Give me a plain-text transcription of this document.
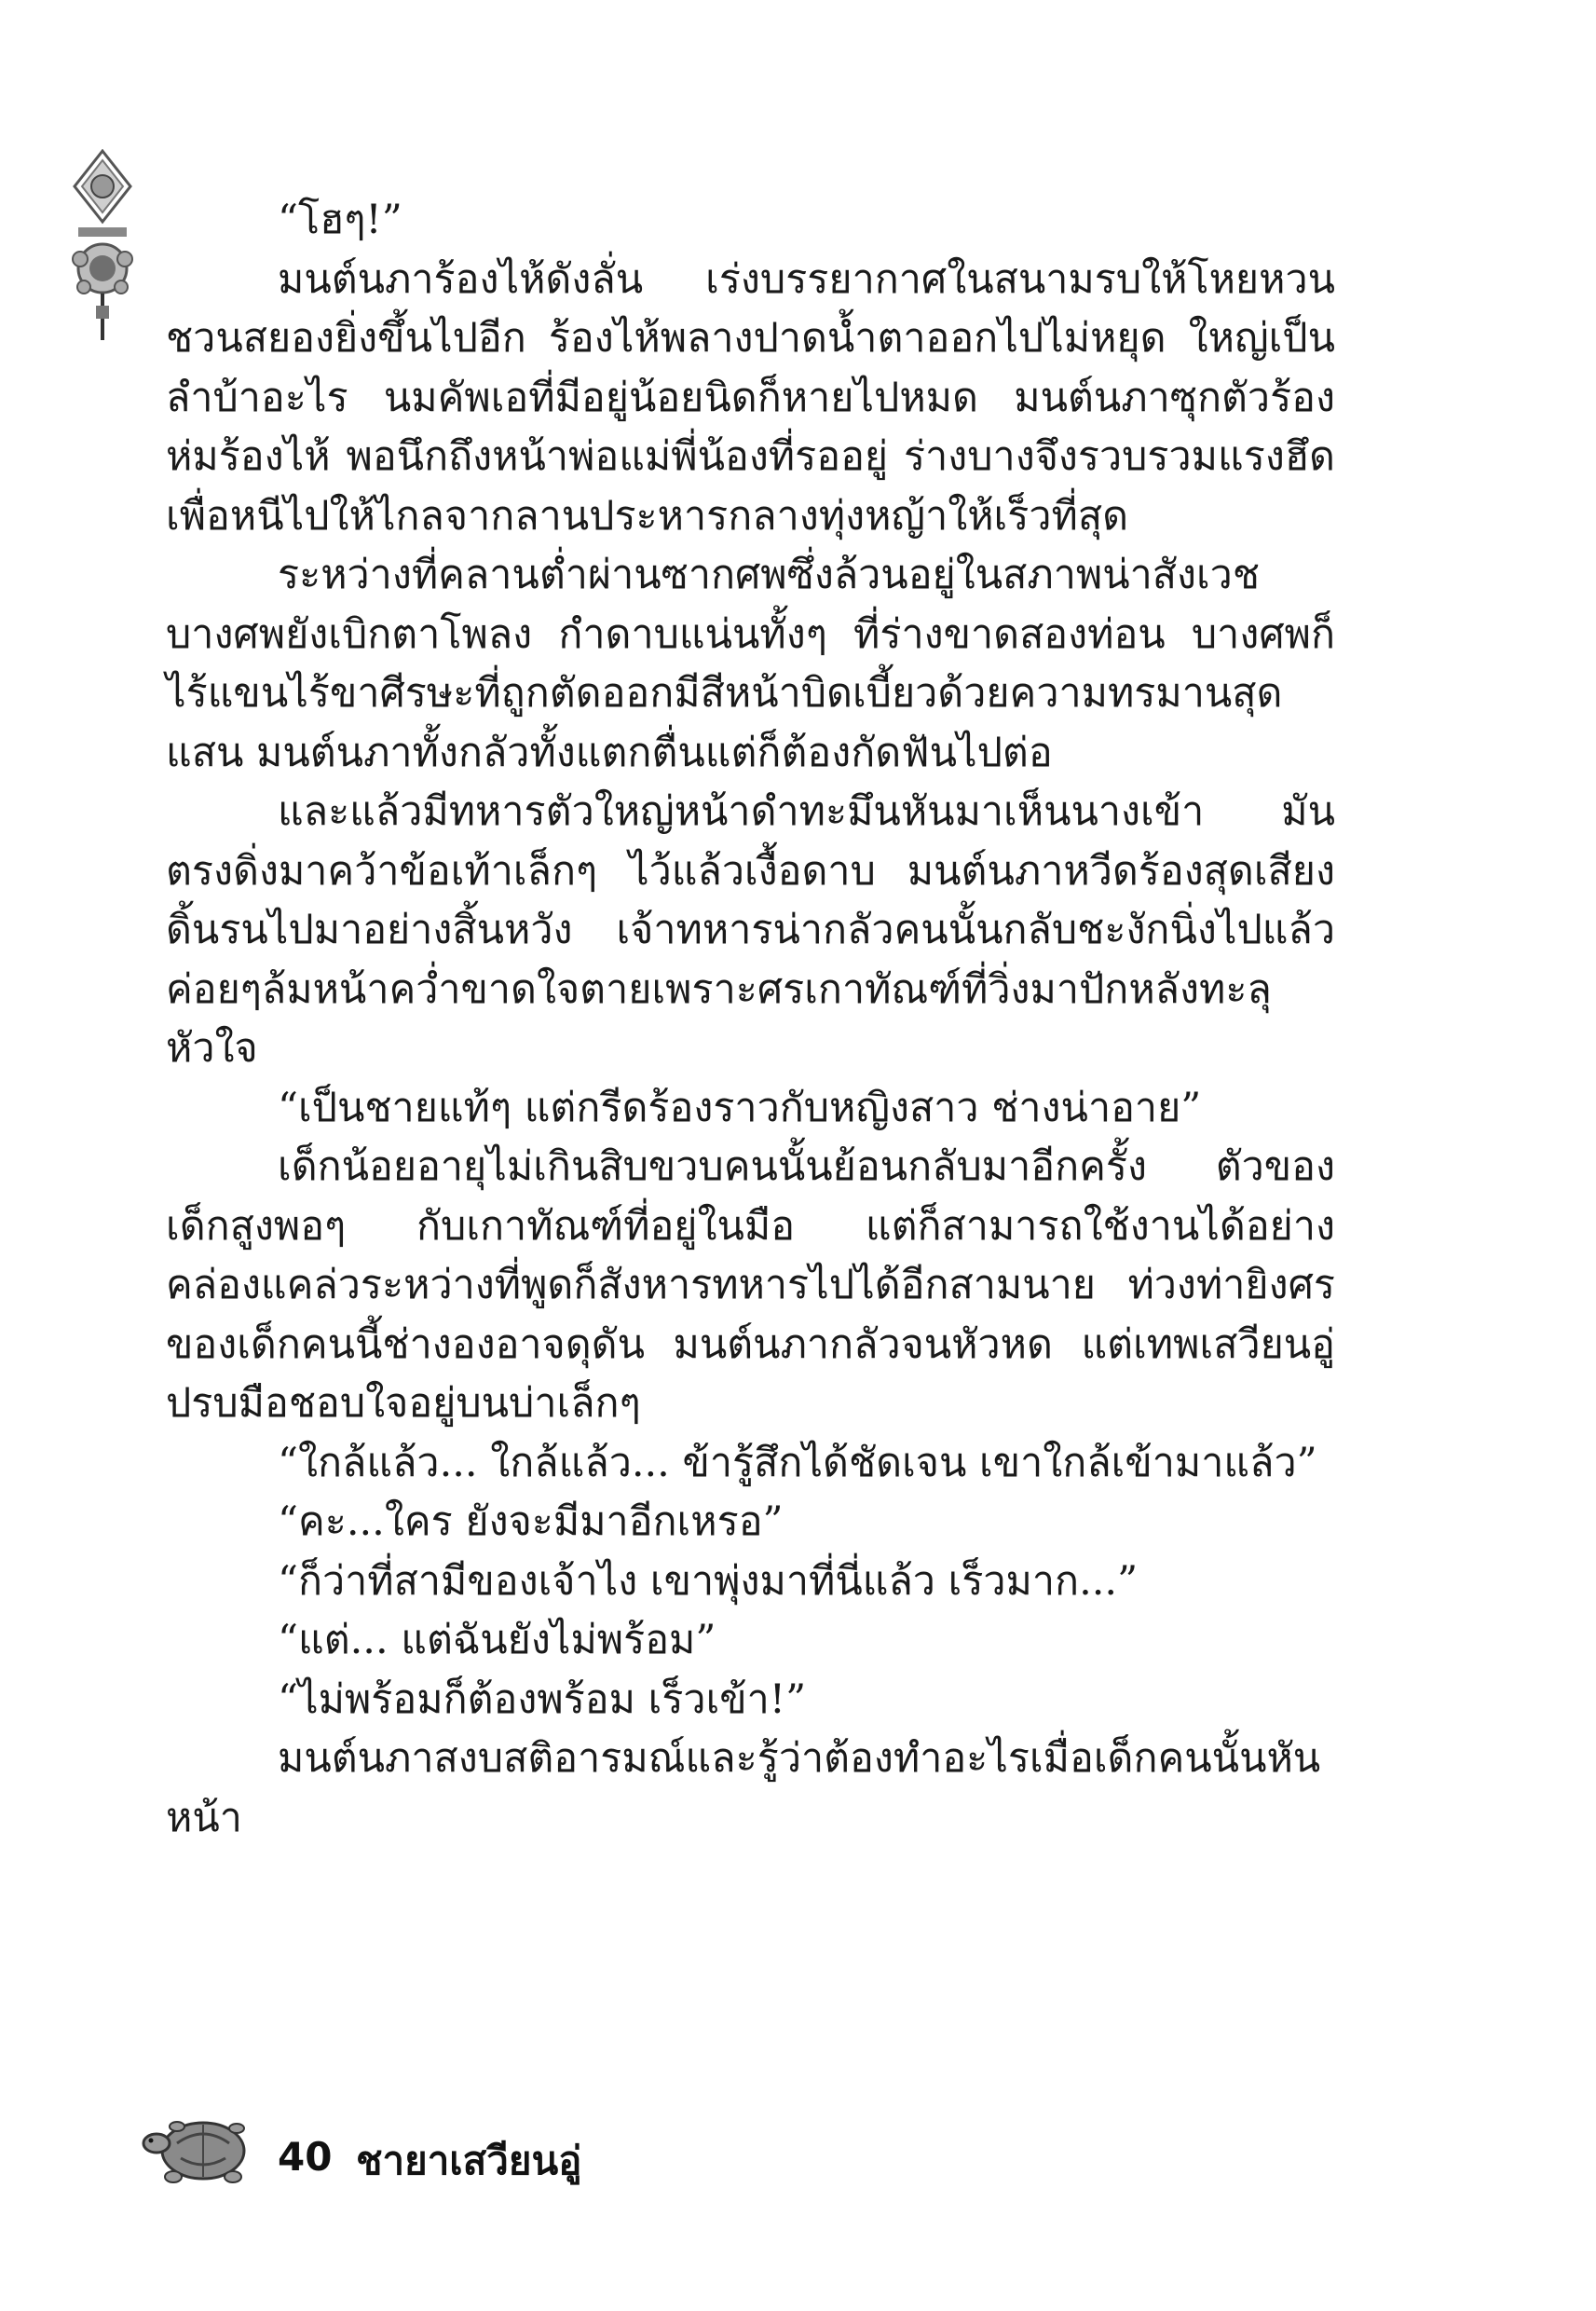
“โฮๆ!”

มนต์นภาร้องไห้ดังลั่น เร่งบรรยากาศในสนามรบให้โหยหวนชวนสยองยิ่งขึ้นไปอีก ร้องไห้พลางปาดน้ำตาออกไปไม่หยุด ใหญ่เป็นลำบ้าอะไร นมคัพเอที่มีอยู่น้อยนิดก็หายไปหมด มนต์นภาซุกตัวร้องห่มร้องไห้ พอนึกถึงหน้าพ่อแม่พี่น้องที่รออยู่ ร่างบางจึงรวบรวมแรงฮึดเพื่อหนีไปให้ไกลจากลานประหารกลางทุ่งหญ้าให้เร็วที่สุด

ระหว่างที่คลานต่ำผ่านซากศพซึ่งล้วนอยู่ในสภาพน่าสังเวช บางศพยังเบิกตาโพลง กำดาบแน่นทั้งๆ ที่ร่างขาดสองท่อน บางศพก็ไร้แขนไร้ขาศีรษะที่ถูกตัดออกมีสีหน้าบิดเบี้ยวด้วยความทรมานสุดแสน มนต์นภาทั้งกลัวทั้งแตกตื่นแต่ก็ต้องกัดฟันไปต่อ

และแล้วมีทหารตัวใหญ่หน้าดำทะมึนหันมาเห็นนางเข้า มันตรงดิ่งมาคว้าข้อเท้าเล็กๆ ไว้แล้วเงื้อดาบ มนต์นภาหวีดร้องสุดเสียง ดิ้นรนไปมาอย่างสิ้นหวัง เจ้าทหารน่ากลัวคนนั้นกลับชะงักนิ่งไปแล้วค่อยๆล้มหน้าคว่ำขาดใจตายเพราะศรเกาทัณฑ์ที่วิ่งมาปักหลังทะลุหัวใจ

“เป็นชายแท้ๆ แต่กรีดร้องราวกับหญิงสาว ช่างน่าอาย”

เด็กน้อยอายุไม่เกินสิบขวบคนนั้นย้อนกลับมาอีกครั้ง ตัวของเด็กสูงพอๆ กับเกาทัณฑ์ที่อยู่ในมือ แต่ก็สามารถใช้งานได้อย่างคล่องแคล่วระหว่างที่พูดก็สังหารทหารไปได้อีกสามนาย ท่วงท่ายิงศรของเด็กคนนี้ช่างองอาจดุดัน มนต์นภากลัวจนหัวหด แต่เทพเสวียนอู่ปรบมือชอบใจอยู่บนบ่าเล็กๆ

“ใกล้แล้ว... ใกล้แล้ว... ข้ารู้สึกได้ชัดเจน เขาใกล้เข้ามาแล้ว”

“คะ...ใคร ยังจะมีมาอีกเหรอ”

“ก็ว่าที่สามีของเจ้าไง เขาพุ่งมาที่นี่แล้ว เร็วมาก...”

“แต่... แต่ฉันยังไม่พร้อม”

“ไม่พร้อมก็ต้องพร้อม เร็วเข้า!”

มนต์นภาสงบสติอารมณ์และรู้ว่าต้องทำอะไรเมื่อเด็กคนนั้นหันหน้า

40 ชายาเสวียนอู่
